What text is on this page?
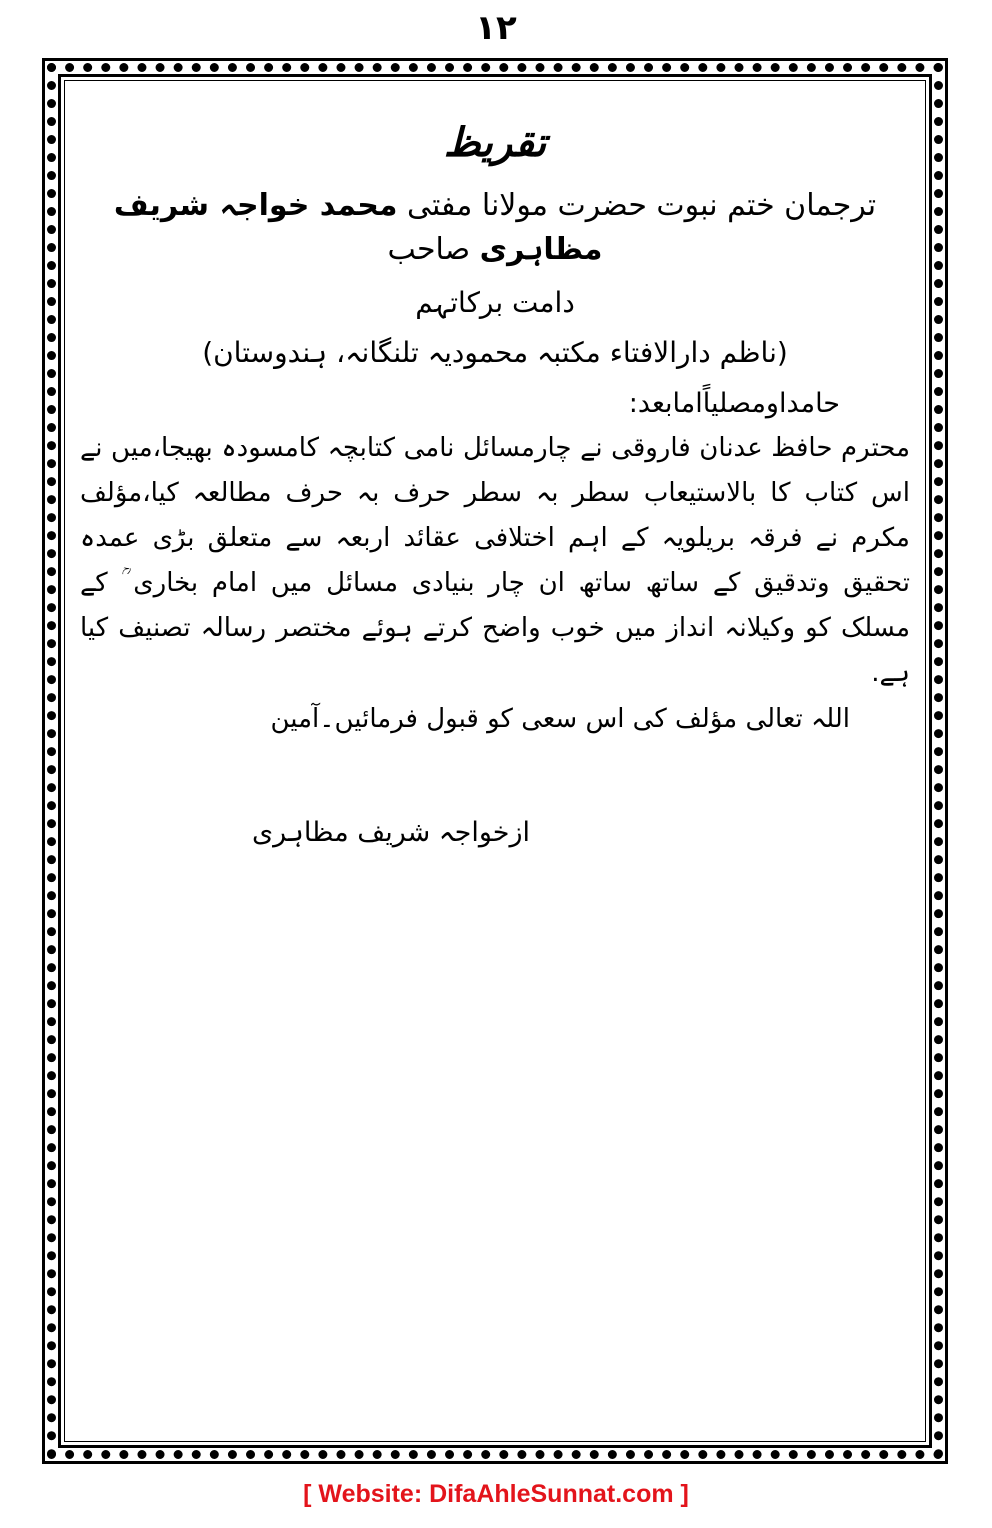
۱۲
تقریظ
ترجمان ختم نبوت حضرت مولانا مفتی محمد خواجہ شریف مظاہری صاحب
دامت برکاتہم
(ناظم دارالافتاء مکتبہ محمودیہ تلنگانہ، ہندوستان)
حامداومصلیاًامابعد:

محترم حافظ عدنان فاروقی نے چارمسائل نامی کتابچہ کامسودہ بھیجا،میں نے اس کتاب کا بالاستیعاب سطر بہ سطر حرف بہ حرف مطالعہ کیا،مؤلف مکرم نے فرقہ بریلویہ کے اہم اختلافی عقائد اربعہ سے متعلق بڑی عمدہ تحقیق وتدقیق کے ساتھ ساتھ ان چار بنیادی مسائل میں امام بخاری ؒ کے مسلک کو وکیلانہ انداز میں خوب واضح کرتے ہوئے مختصر رسالہ تصنیف کیا ہے.

اللہ تعالی مؤلف کی اس سعی کو قبول فرمائیں۔آمین
ازخواجہ شریف مظاہری
[ Website: DifaAhleSunnat.com ]
